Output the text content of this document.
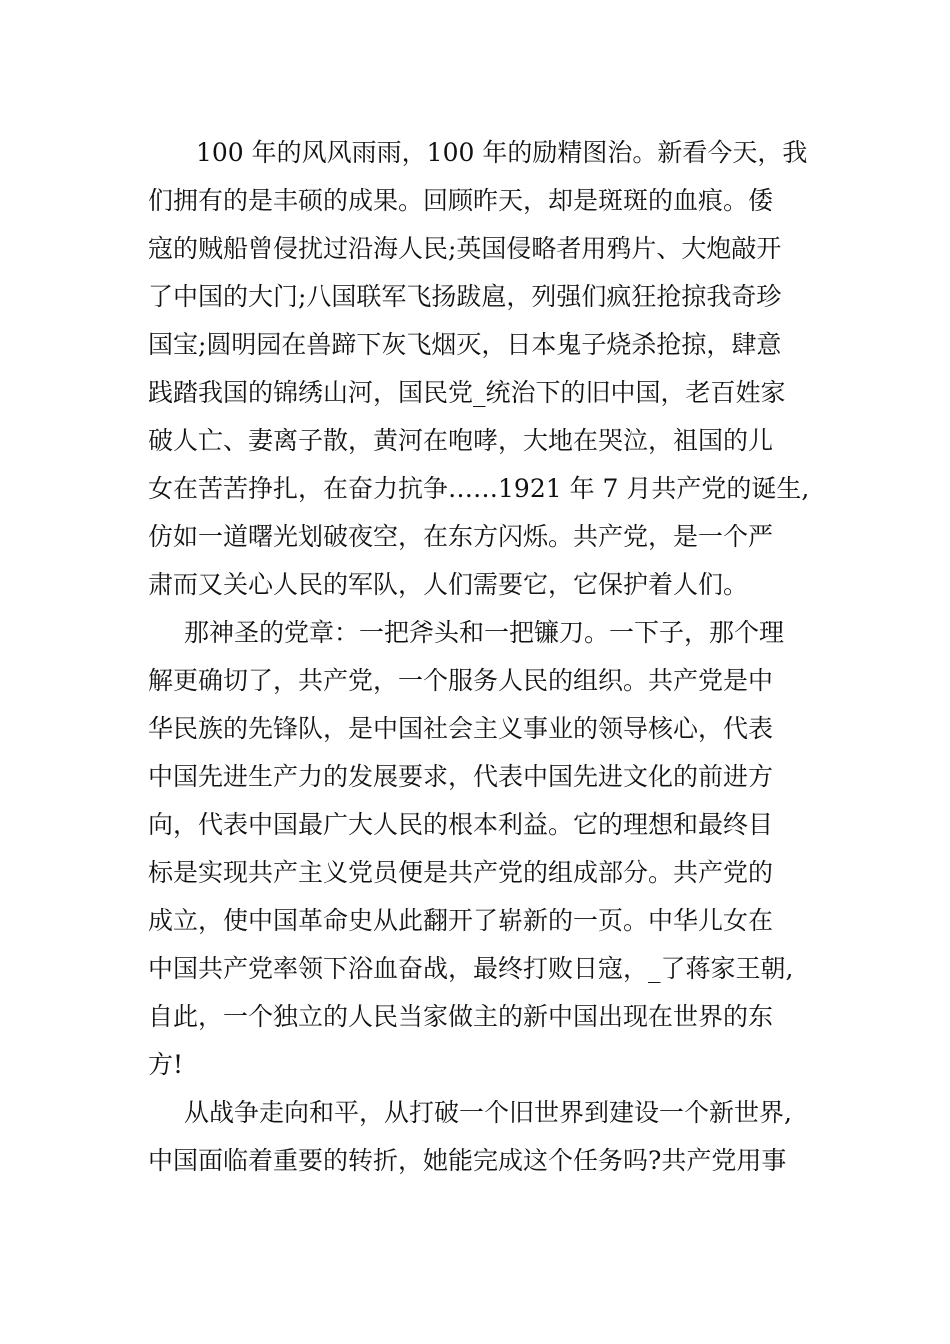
100 年的风风雨雨，100 年的励精图治。新看今天，我
们拥有的是丰硕的成果。回顾昨天，却是斑斑的血痕。倭
寇的贼船曾侵扰过沿海人民;英国侵略者用鸦片、大炮敲开
了中国的大门;八国联军飞扬跋扈，列强们疯狂抢掠我奇珍
国宝;圆明园在兽蹄下灰飞烟灭，日本鬼子烧杀抢掠，肆意
践踏我国的锦绣山河，国民党_统治下的旧中国，老百姓家
破人亡、妻离子散，黄河在咆哮，大地在哭泣，祖国的儿
女在苦苦挣扎，在奋力抗争……1921 年 7 月共产党的诞生,
仿如一道曙光划破夜空，在东方闪烁。共产党，是一个严
肃而又关心人民的军队，人们需要它，它保护着人们。
那神圣的党章：一把斧头和一把镰刀。一下子，那个理
解更确切了，共产党，一个服务人民的组织。共产党是中
华民族的先锋队，是中国社会主义事业的领导核心，代表
中国先进生产力的发展要求，代表中国先进文化的前进方
向，代表中国最广大人民的根本利益。它的理想和最终目
标是实现共产主义党员便是共产党的组成部分。共产党的
成立，使中国革命史从此翻开了崭新的一页。中华儿女在
中国共产党率领下浴血奋战，最终打败日寇，_了蒋家王朝,
自此，一个独立的人民当家做主的新中国出现在世界的东
方!
从战争走向和平，从打破一个旧世界到建设一个新世界,
中国面临着重要的转折，她能完成这个任务吗?共产党用事
